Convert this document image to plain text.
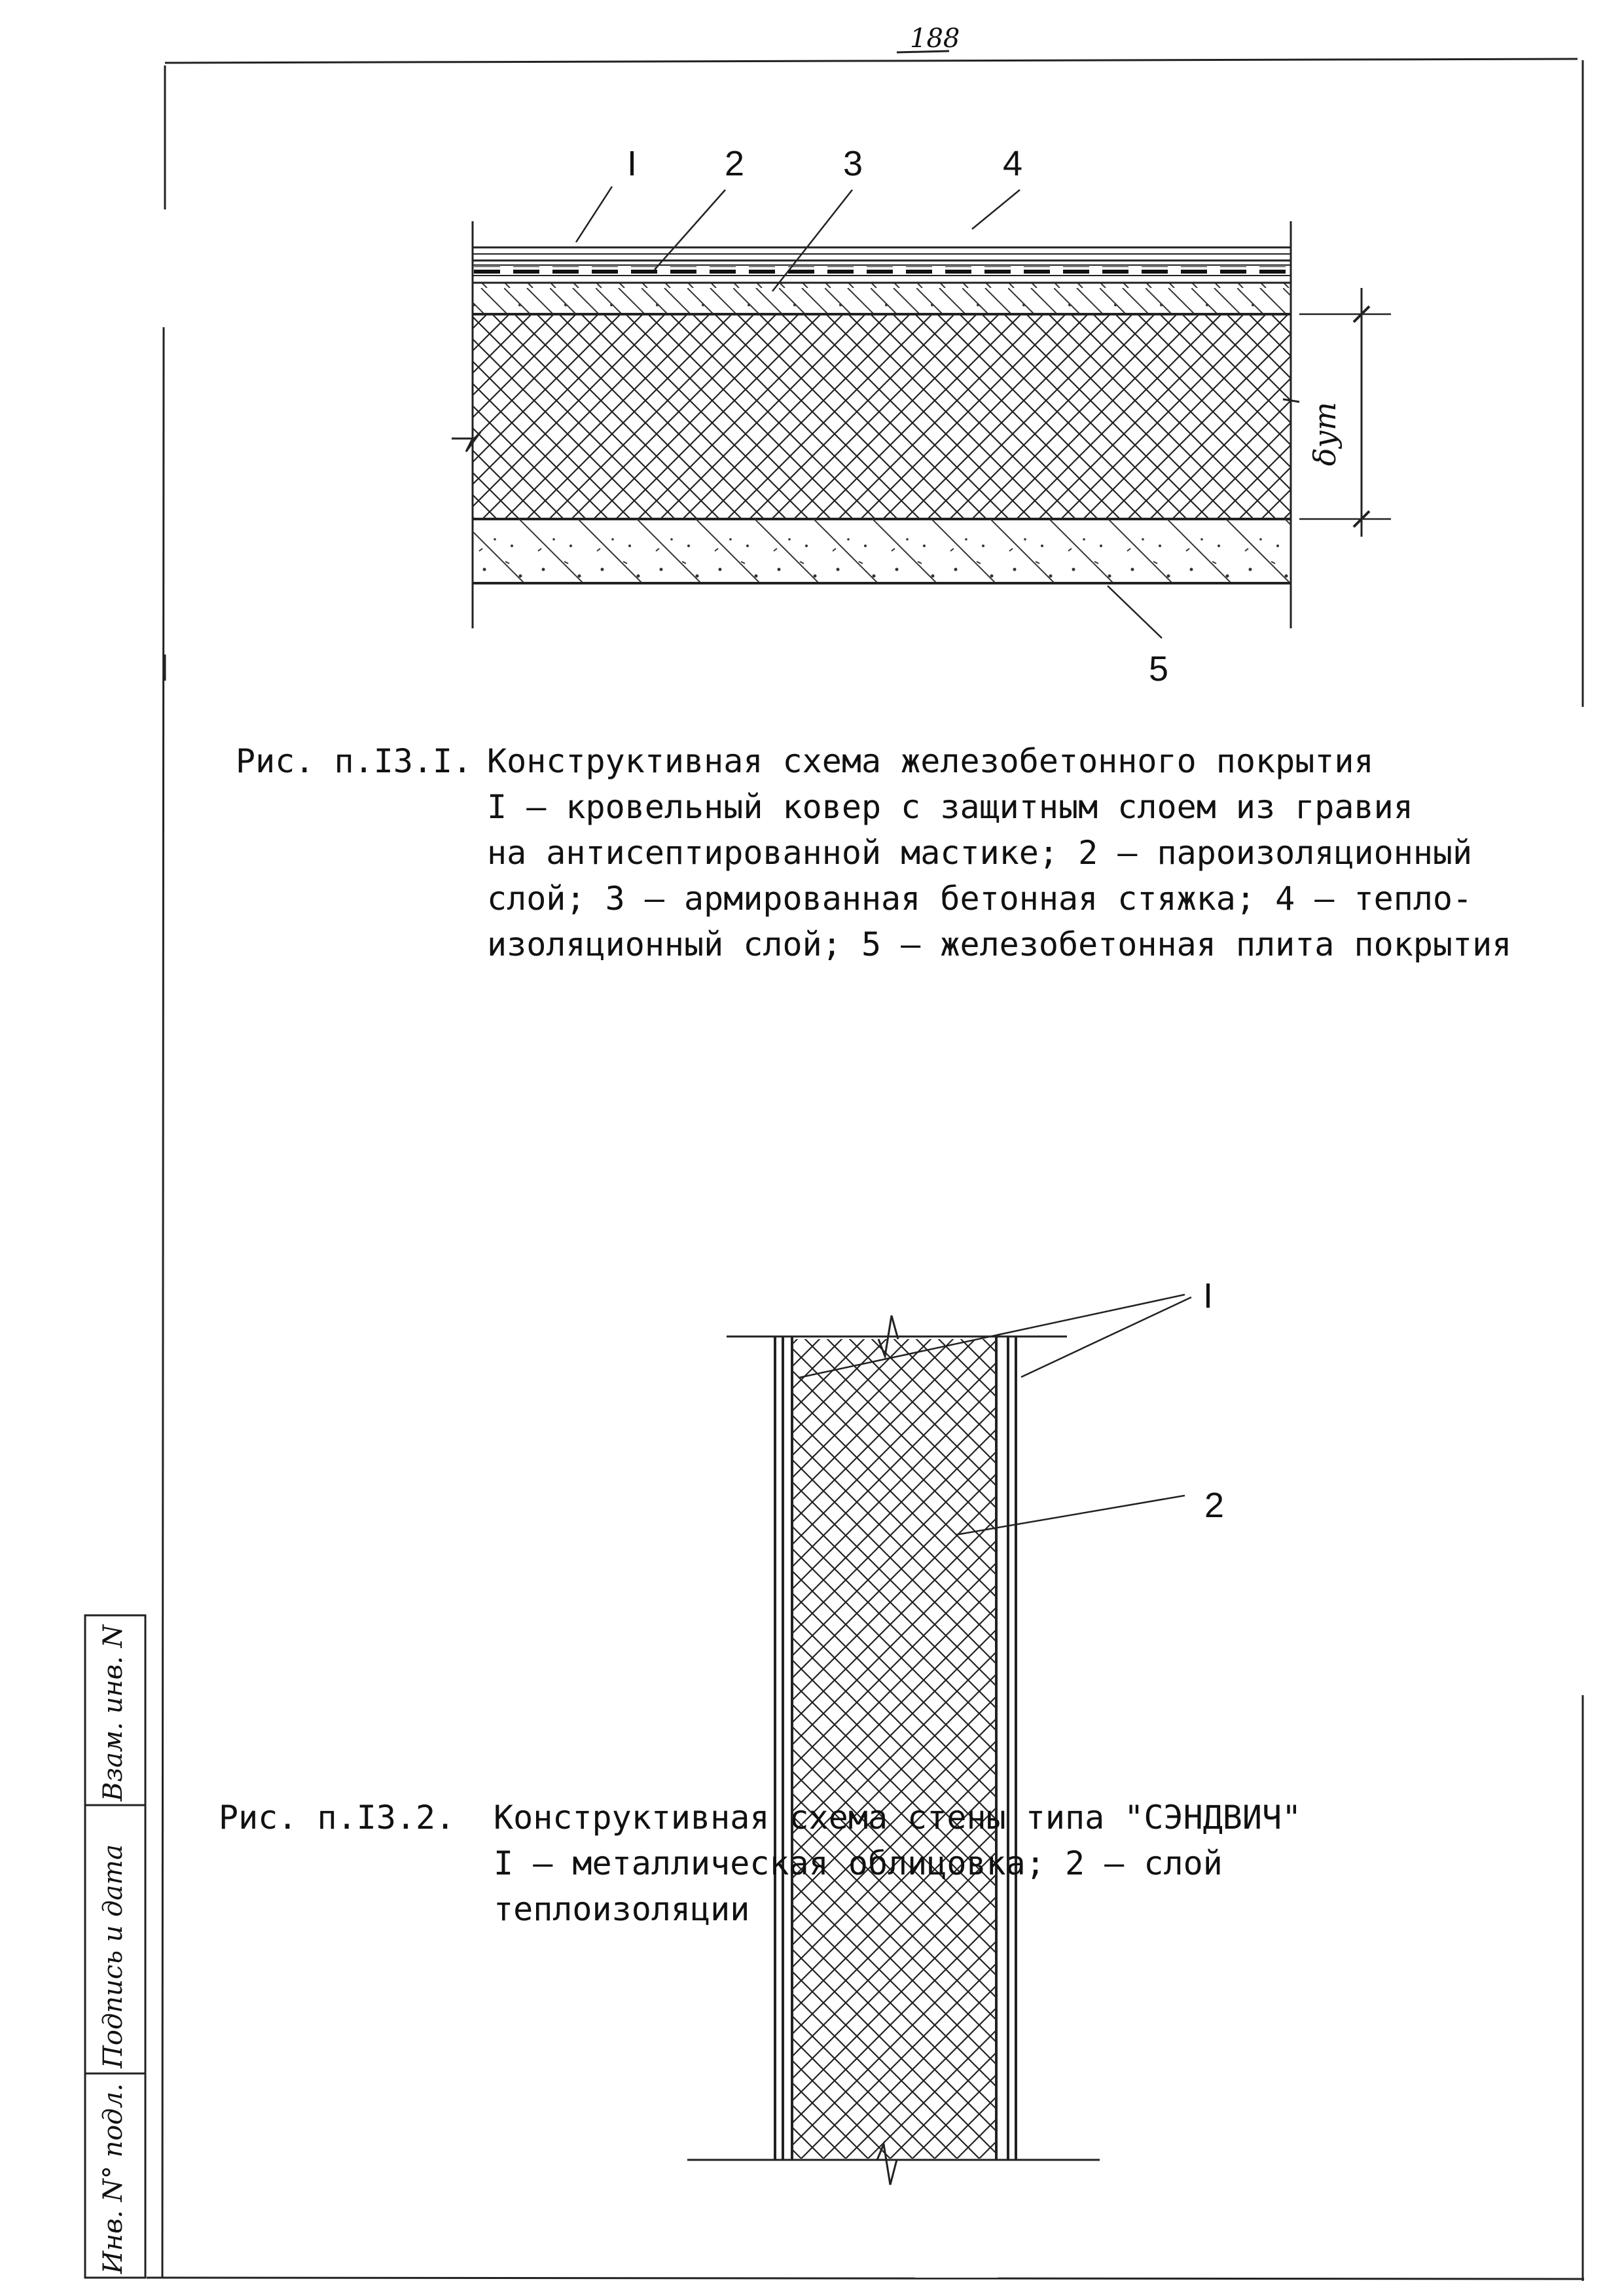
I 2	3	4
5
δут
I
2
188

Рис. п.I3.I.

Конструктивная схема железобетонного покрытия

I – кровельный ковер с защитным слоем из гравия

на антисептированной мастике; 2 – пароизоляционный

слой; 3 – армированная бетонная стяжка; 4 – тепло-

изоляционный слой; 5 – железобетонная плита покрытия

Рис. п.I3.2.

Конструктивная схема стены типа "СЭНДВИЧ"

I – металлическая облицовка; 2 – слой

теплоизоляции

Взам. инв. N
Подпись и дата
Инв. N° подл.
